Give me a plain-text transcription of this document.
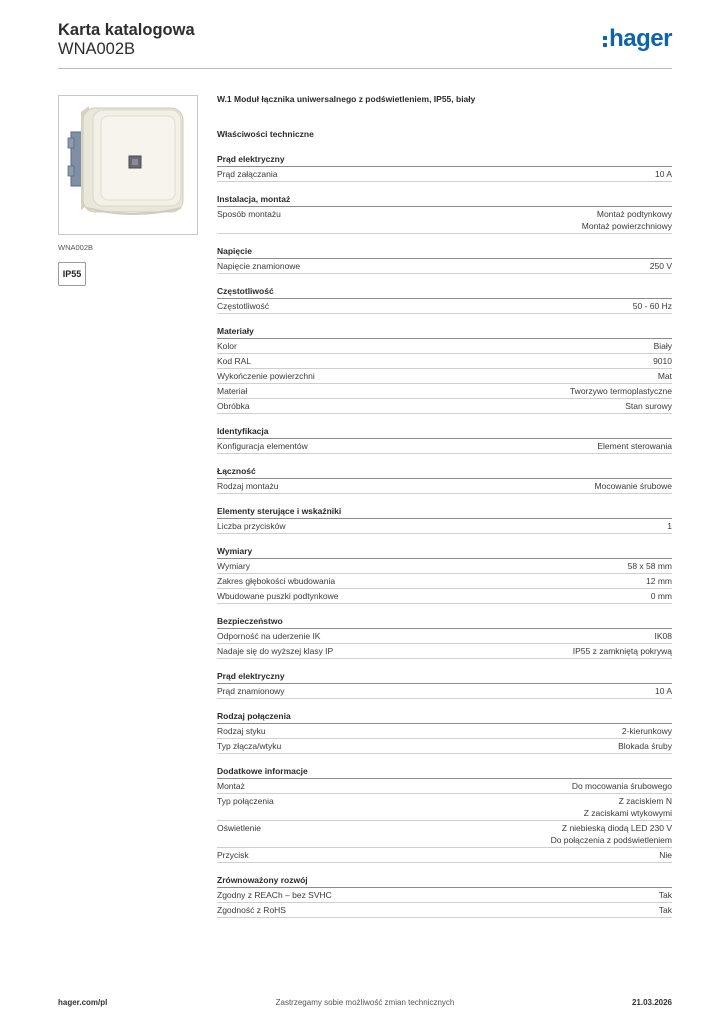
Karta katalogowa
WNA002B	hager
WNA002B
IP55
W.1 Moduł łącznika uniwersalnego z podświetleniem, IP55, biały
Właściwości techniczne
Prąd elektryczny
Prąd załączania	10 A
Instalacja, montaż
Sposób montażu	Montaż podtynkowy
Montaż powierzchniowy
Napięcie
Napięcie znamionowe	250 V
Częstotliwość
Częstotliwość	50 - 60 Hz
Materiały
Kolor	Biały
Kod RAL	9010
Wykończenie powierzchni	Mat
Materiał	Tworzywo termoplastyczne
Obróbka	Stan surowy
Identyfikacja
Konfiguracja elementów	Element sterowania
Łączność
Rodzaj montażu	Mocowanie śrubowe
Elementy sterujące i wskaźniki
Liczba przycisków	1
Wymiary
Wymiary	58 x 58 mm
Zakres głębokości wbudowania	12 mm
Wbudowane puszki podtynkowe	0 mm
Bezpieczeństwo
Odporność na uderzenie IK	IK08
Nadaje się do wyższej klasy IP	IP55 z zamkniętą pokrywą
Prąd elektryczny
Prąd znamionowy	10 A
Rodzaj połączenia
Rodzaj styku	2-kierunkowy
Typ złącza/wtyku	Blokada śruby
Dodatkowe informacje
Montaż	Do mocowania śrubowego
Typ połączenia	Z zaciskiem N
Z zaciskami wtykowymi
Oświetlenie	Z niebieską diodą LED 230 V
Do połączenia z podświetleniem
Przycisk	Nie
Zrównoważony rozwój
Zgodny z REACh – bez SVHC	Tak
Zgodność z RoHS	Tak
Zastrzegamy sobie możliwość zmian technicznych
hager.com/pl	21.03.2026
